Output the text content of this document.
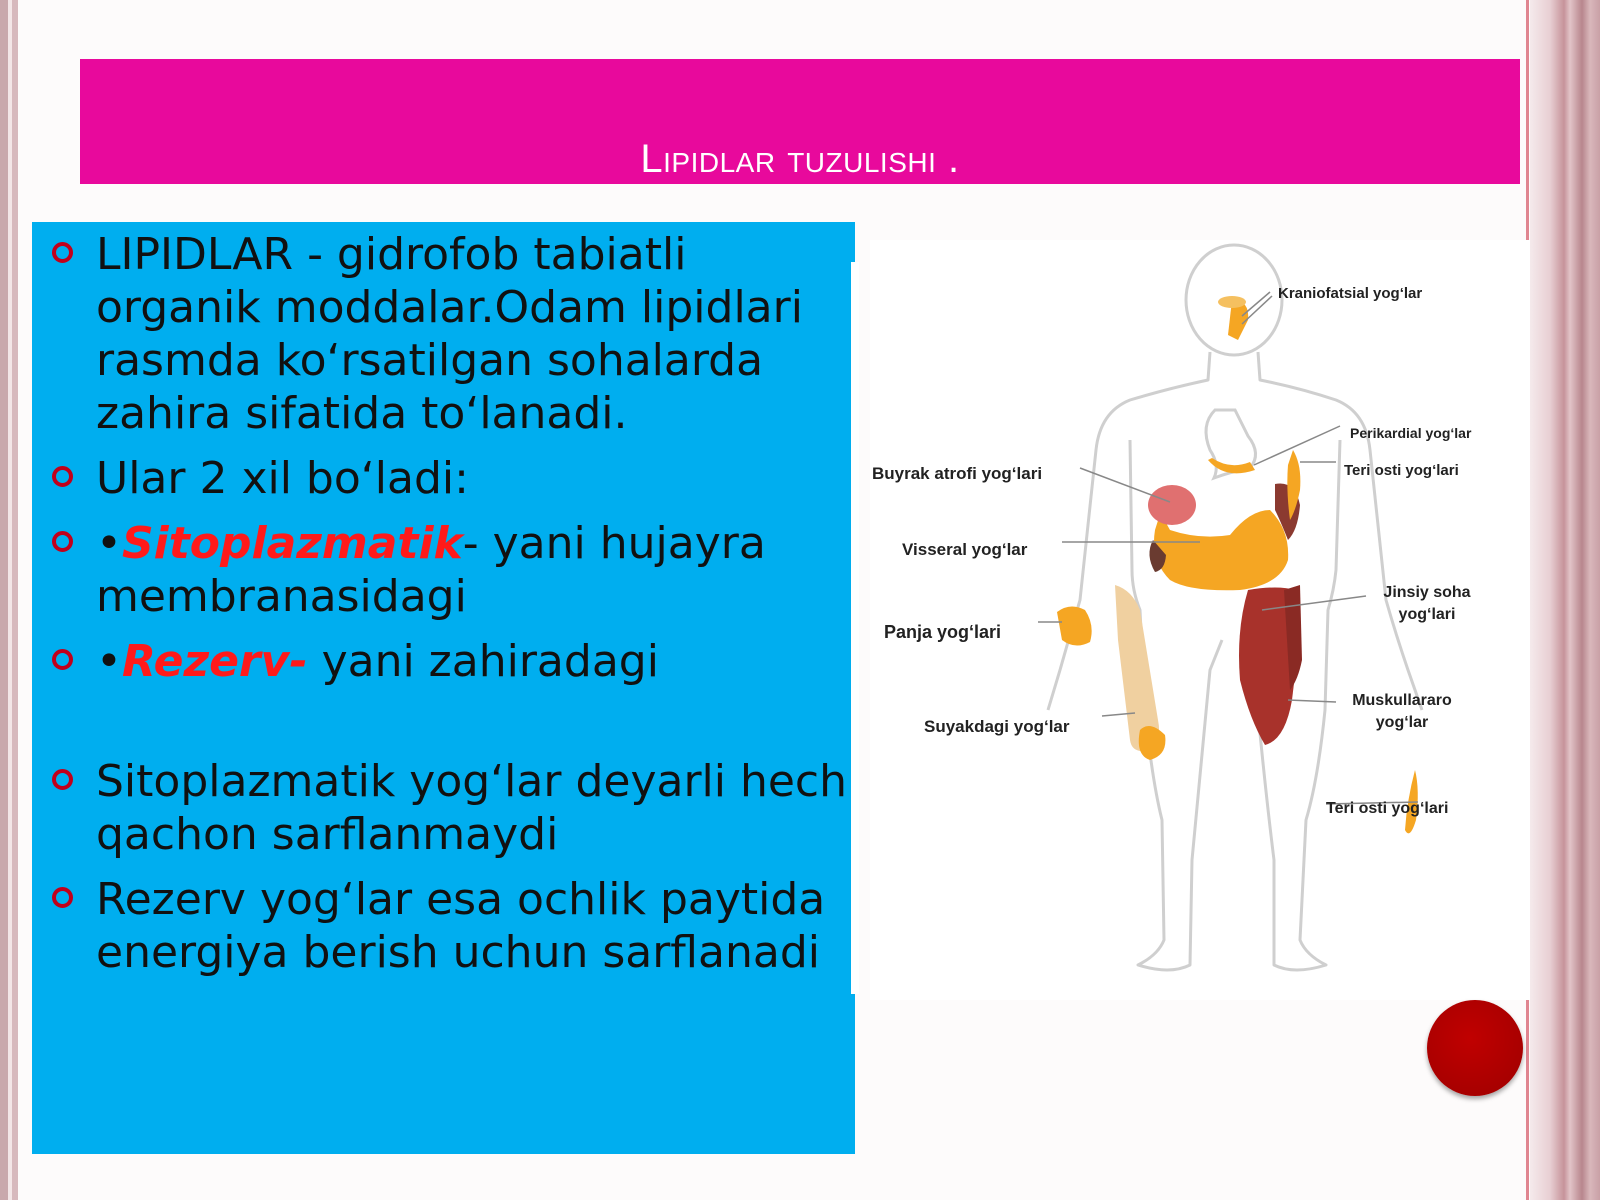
Lipidlar tuzulishi .
LIPIDLAR - gidrofob tabiatli organik moddalar.Odam lipidlari rasmda ko‘rsatilgan sohalarda zahira sifatida to‘lanadi.
Ular 2 xil bo‘ladi:
•Sitoplazmatik- yani hujayra membranasidagi
•Rezerv- yani zahiradagi
Sitoplazmatik yog‘lar deyarli hech qachon sarflanmaydi
Rezerv yog‘lar esa ochlik paytida energiya berish uchun sarflanadi
Kraniofatsial yog‘lar
Perikardial yog‘lar
Teri osti yog‘lari
Buyrak atrofi yog‘lari
Visseral yog‘lar
Jinsiy soha yog‘lari
Panja yog‘lari
Muskullararo yog‘lar
Suyakdagi yog‘lar
Teri osti yog‘lari
